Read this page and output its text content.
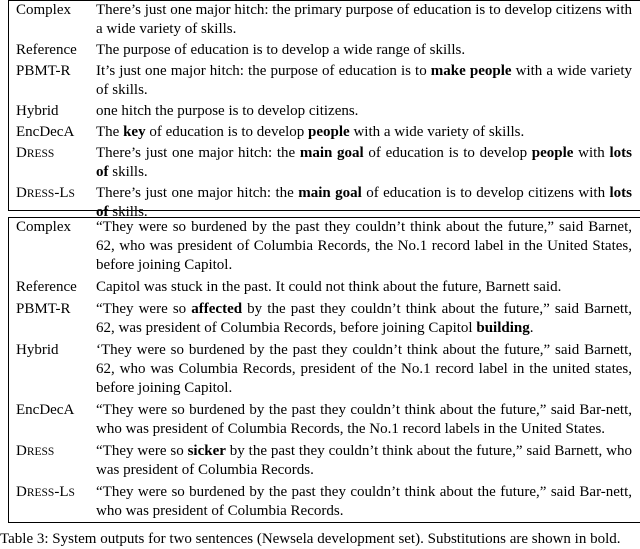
Complex	There’s just one major hitch: the primary purpose of education is to develop citizens with a wide variety of skills.
Reference	The purpose of education is to develop a wide range of skills.
PBMT-R	It’s just one major hitch: the purpose of education is to make people with a wide variety of skills.
Hybrid	one hitch the purpose is to develop citizens.
EncDecA	The key of education is to develop people with a wide variety of skills.
DRESS	There’s just one major hitch: the main goal of education is to develop people with lots of skills.
DRESS-LS	There’s just one major hitch: the main goal of education is to develop citizens with lots of skills.
Complex	“They were so burdened by the past they couldn’t think about the future,” said Barnet, 62, who was president of Columbia Records, the No.1 record label in the United States, before joining Capitol.
Reference	Capitol was stuck in the past. It could not think about the future, Barnett said.
PBMT-R	“They were so affected by the past they couldn’t think about the future,” said Barnett, 62, was president of Columbia Records, before joining Capitol building.
Hybrid	‘They were so burdened by the past they couldn’t think about the future,” said Barnett, 62, who was Columbia Records, president of the No.1 record label in the united states, before joining Capitol.
EncDecA	“They were so burdened by the past they couldn’t think about the future,” said Bar-nett, who was president of Columbia Records, the No.1 record labels in the United States.
DRESS	“They were so sicker by the past they couldn’t think about the future,” said Barnett, who was president of Columbia Records.
DRESS-LS	“They were so burdened by the past they couldn’t think about the future,” said Bar-nett, who was president of Columbia Records.
Table 3: System outputs for two sentences (Newsela development set). Substitutions are shown in bold.
